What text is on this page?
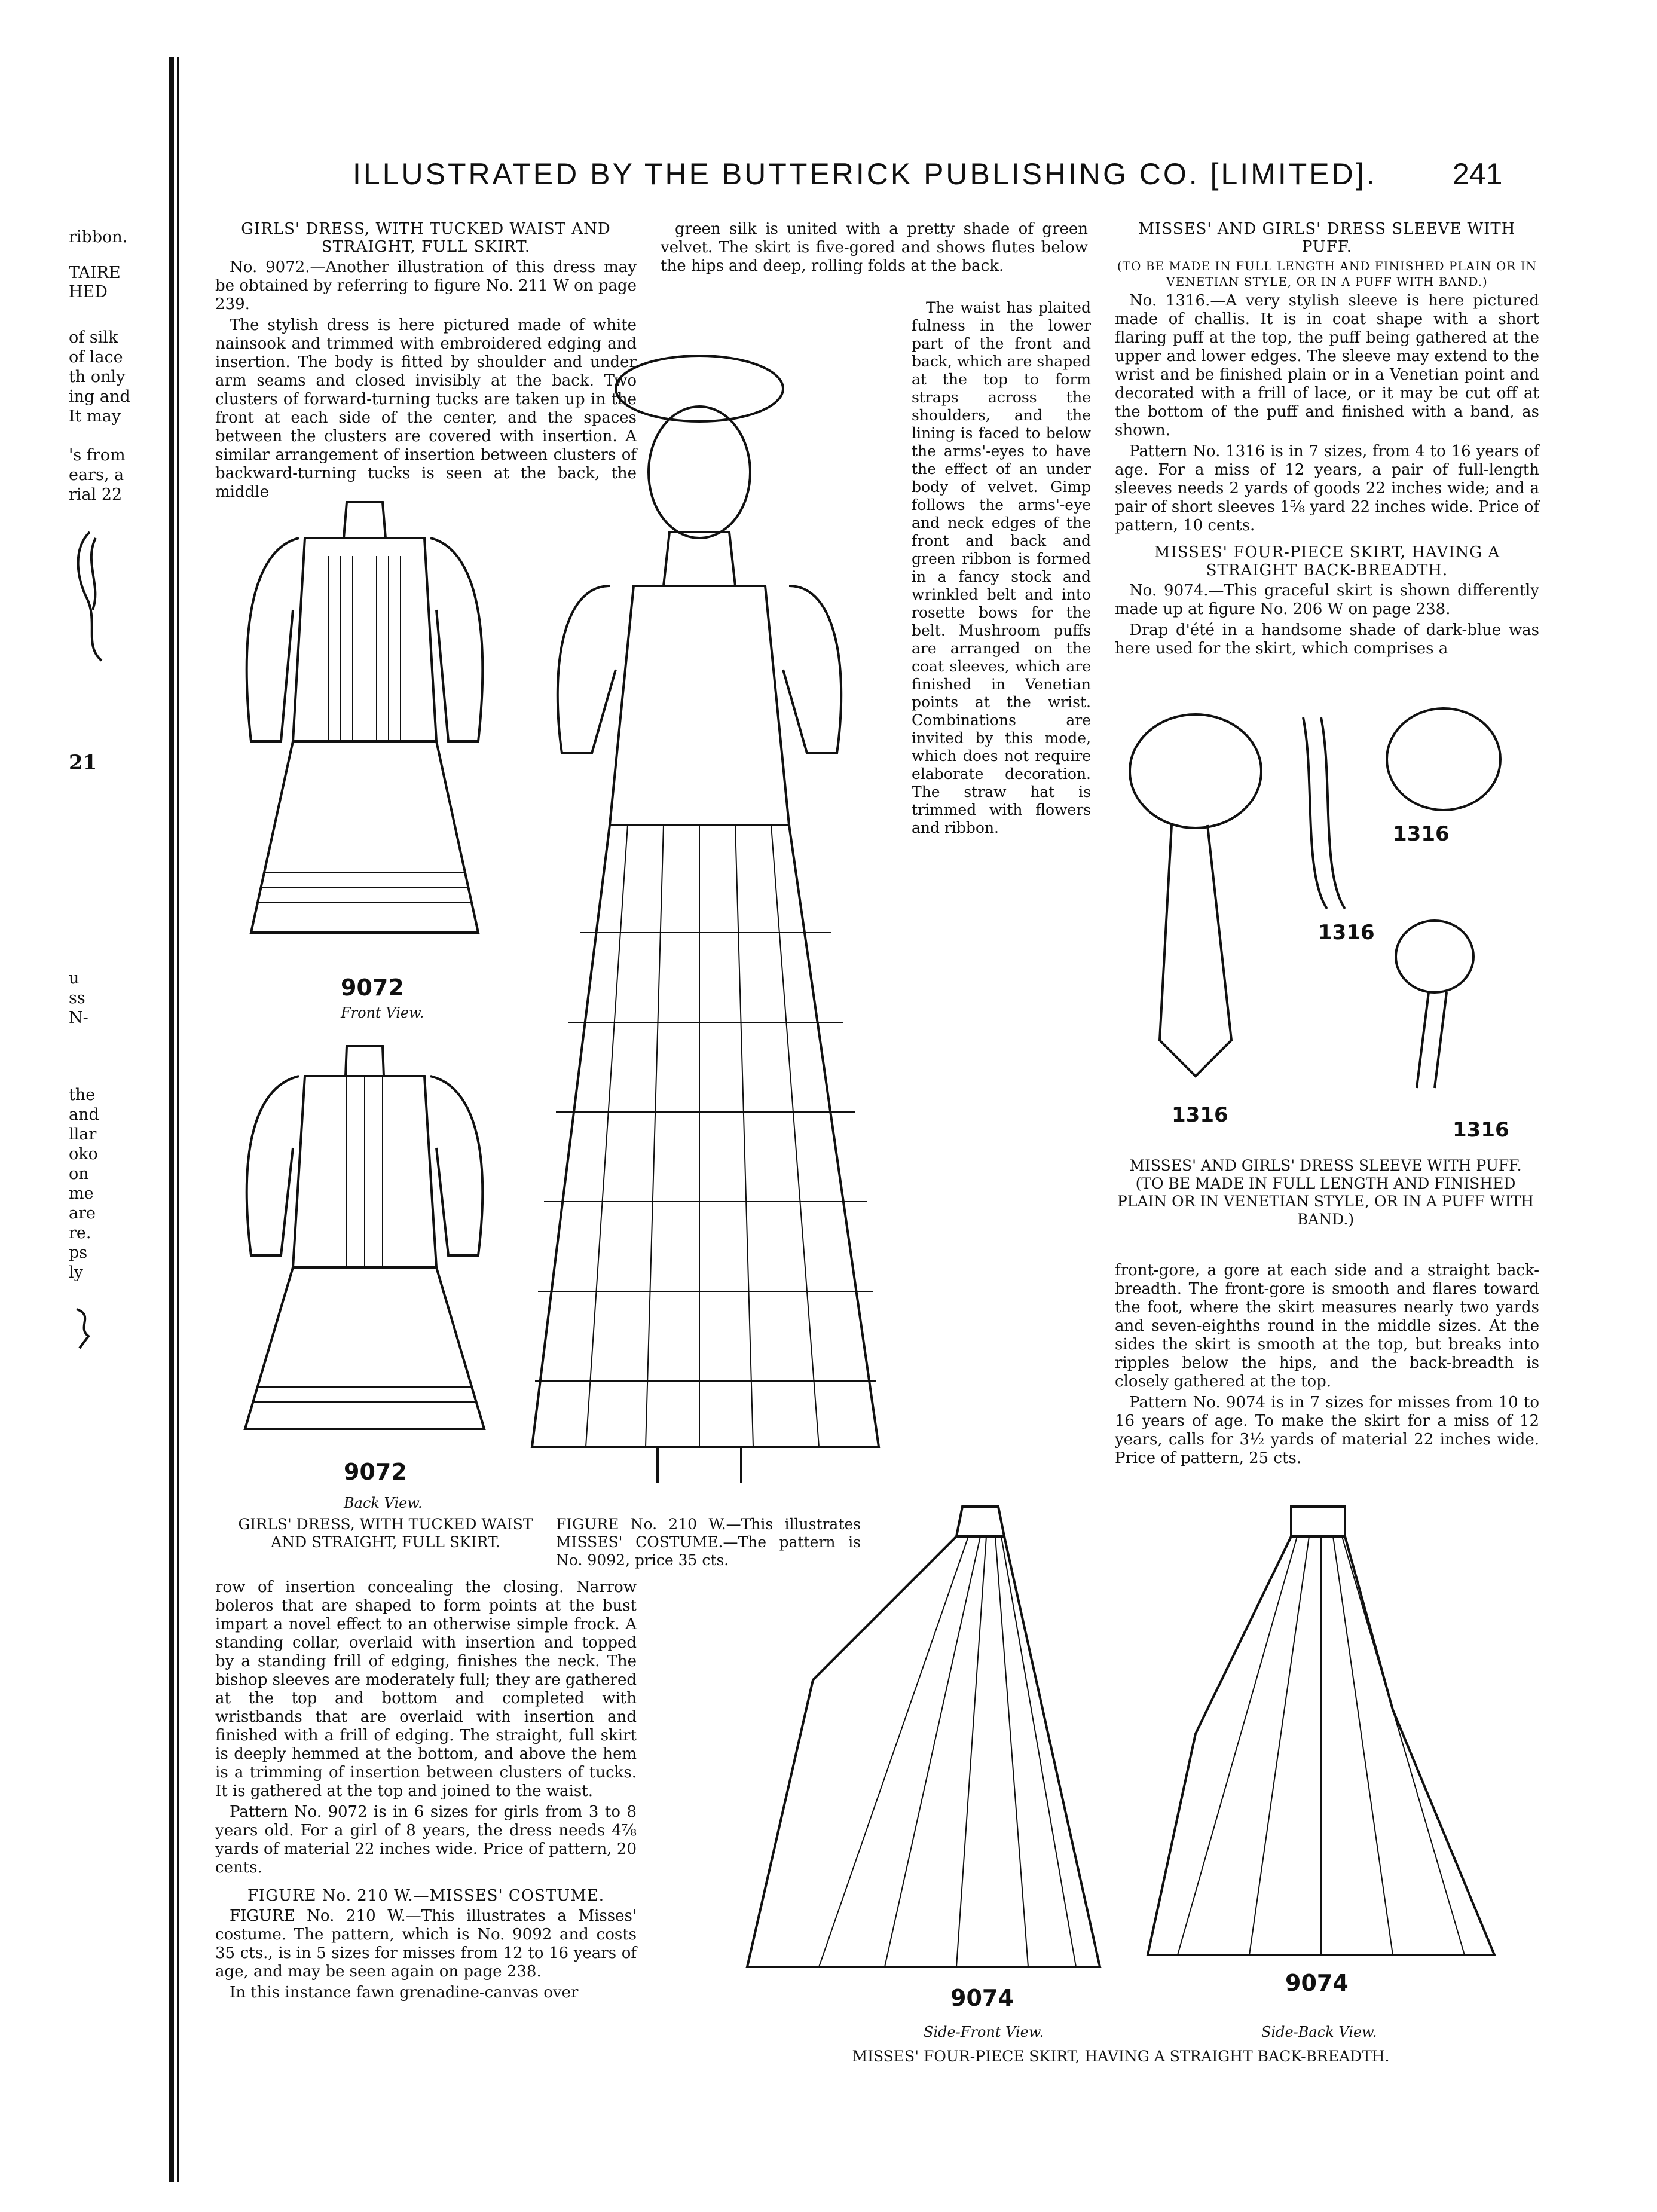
ribbon.
TAIRE
HED
of silk
of lace
th only
ing and
It may
's from
ears, a
rial 22
21
u
ss
N-
the
and
llar
oko
on
me
are
re.
ps
ly
ILLUSTRATED BY THE BUTTERICK PUBLISHING CO. [LIMITED].	241

GIRLS' DRESS, WITH TUCKED WAIST AND STRAIGHT, FULL SKIRT.

No. 9072.—Another illustration of this dress may be obtained by referring to figure No. 211 W on page 239.

The stylish dress is here pictured made of white nainsook and trimmed with embroidered edging and insertion. The body is fitted by shoulder and under arm seams and closed invisibly at the back. Two clusters of forward-turning tucks are taken up in the front at each side of the center, and the spaces between the clusters are covered with insertion. A similar arrangement of insertion between clusters of backward-turning tucks is seen at the back, the middle

green silk is united with a pretty shade of green velvet. The skirt is five-gored and shows flutes below the hips and deep, rolling folds at the back.

The waist has plaited fulness in the lower part of the front and back, which are shaped at the top to form straps across the shoulders, and the lining is faced to below the arms'-eyes to have the effect of an under body of velvet. Gimp follows the arms'-eye and neck edges of the front and back and green ribbon is formed in a fancy stock and wrinkled belt and into rosette bows for the belt. Mushroom puffs are arranged on the coat sleeves, which are finished in Venetian points at the wrist. Combinations are invited by this mode, which does not require elaborate decoration. The straw hat is trimmed with flowers and ribbon.

MISSES' AND GIRLS' DRESS SLEEVE WITH PUFF.

(TO BE MADE IN FULL LENGTH AND FINISHED PLAIN OR IN VENETIAN STYLE, OR IN A PUFF WITH BAND.)

No. 1316.—A very stylish sleeve is here pictured made of challis. It is in coat shape with a short flaring puff at the top, the puff being gathered at the upper and lower edges. The sleeve may extend to the wrist and be finished plain or in a Venetian point and decorated with a frill of lace, or it may be cut off at the bottom of the puff and finished with a band, as shown.

Pattern No. 1316 is in 7 sizes, from 4 to 16 years of age. For a miss of 12 years, a pair of full-length sleeves needs 2 yards of goods 22 inches wide; and a pair of short sleeves 1⅝ yard 22 inches wide. Price of pattern, 10 cents.

MISSES' FOUR-PIECE SKIRT, HAVING A STRAIGHT BACK-BREADTH.

No. 9074.—This graceful skirt is shown differently made up at figure No. 206 W on page 238.

Drap d'été in a handsome shade of dark-blue was here used for the skirt, which comprises a

9072
Front View.
9072
Back View.
GIRLS' DRESS, WITH TUCKED WAIST AND STRAIGHT, FULL SKIRT.
FIGURE No. 210 W.—This illustrates MISSES' COSTUME.—The pattern is No. 9092, price 35 cts.
1316
1316
1316
1316
MISSES' AND GIRLS' DRESS SLEEVE WITH PUFF. (TO BE MADE IN FULL LENGTH AND FINISHED PLAIN OR IN VENETIAN STYLE, OR IN A PUFF WITH BAND.)

front-gore, a gore at each side and a straight back-breadth. The front-gore is smooth and flares toward the foot, where the skirt measures nearly two yards and seven-eighths round in the middle sizes. At the sides the skirt is smooth at the top, but breaks into ripples below the hips, and the back-breadth is closely gathered at the top.

Pattern No. 9074 is in 7 sizes for misses from 10 to 16 years of age. To make the skirt for a miss of 12 years, calls for 3½ yards of material 22 inches wide. Price of pattern, 25 cts.

row of insertion concealing the closing. Narrow boleros that are shaped to form points at the bust impart a novel effect to an otherwise simple frock. A standing collar, overlaid with insertion and topped by a standing frill of edging, finishes the neck. The bishop sleeves are moderately full; they are gathered at the top and bottom and completed with wristbands that are overlaid with insertion and finished with a frill of edging. The straight, full skirt is deeply hemmed at the bottom, and above the hem is a trimming of insertion between clusters of tucks. It is gathered at the top and joined to the waist.

Pattern No. 9072 is in 6 sizes for girls from 3 to 8 years old. For a girl of 8 years, the dress needs 4⅞ yards of material 22 inches wide. Price of pattern, 20 cents.

FIGURE No. 210 W.—MISSES' COSTUME.

FIGURE No. 210 W.—This illustrates a Misses' costume. The pattern, which is No. 9092 and costs 35 cts., is in 5 sizes for misses from 12 to 16 years of age, and may be seen again on page 238.

In this instance fawn grenadine-canvas over	9074
Side-Front View.
9074
Side-Back View.
MISSES' FOUR-PIECE SKIRT, HAVING A STRAIGHT BACK-BREADTH.
